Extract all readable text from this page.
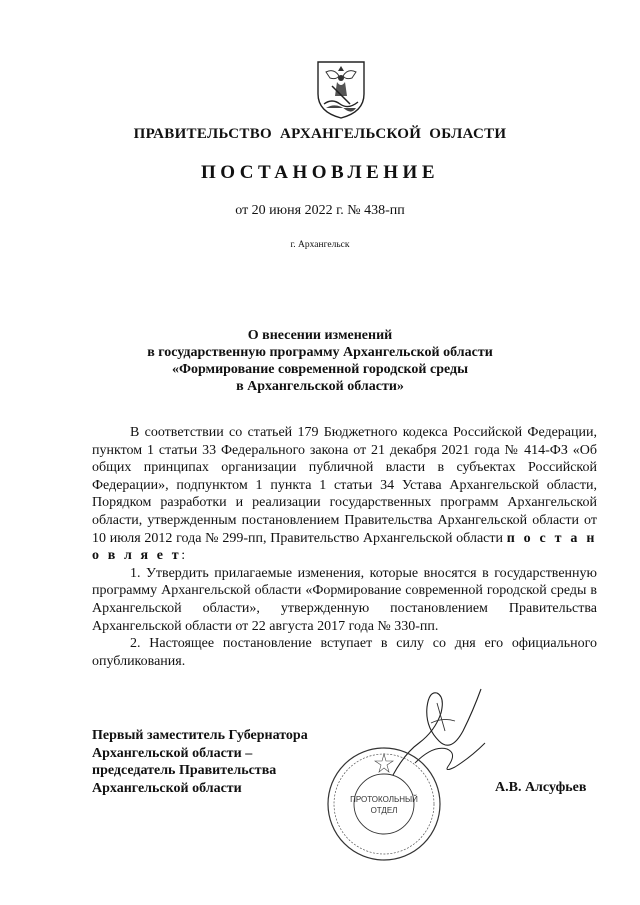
ПРАВИТЕЛЬСТВО АРХАНГЕЛЬСКОЙ ОБЛАСТИ
ПОСТАНОВЛЕНИЕ
от 20 июня 2022 г. № 438-пп
г. Архангельск
О внесении изменений
в государственную программу Архангельской области
«Формирование современной городской среды
в Архангельской области»

В соответствии со статьей 179 Бюджетного кодекса Российской Федерации, пунктом 1 статьи 33 Федерального закона от 21 декабря 2021 года № 414-ФЗ «Об общих принципах организации публичной власти в субъектах Российской Федерации», подпунктом 1 пункта 1 статьи 34 Устава Архангельской области, Порядком разработки и реализации государственных программ Архангельской области, утвержденным постановлением Правительства Архангельской области от 10 июля 2012 года № 299-пп, Правительство Архангельской области п о с т а н о в л я е т:

1. Утвердить прилагаемые изменения, которые вносятся в государственную программу Архангельской области «Формирование современной городской среды в Архангельской области», утвержденную постановлением Правительства Архангельской области от 22 августа 2017 года № 330-пп.

2. Настоящее постановление вступает в силу со дня его официального опубликования.

Первый заместитель Губернатора
Архангельской области –
председатель Правительства
Архангельской области	А.В. Алсуфьев
ПРОТОКОЛЬНЫЙ
ОТДЕЛ
